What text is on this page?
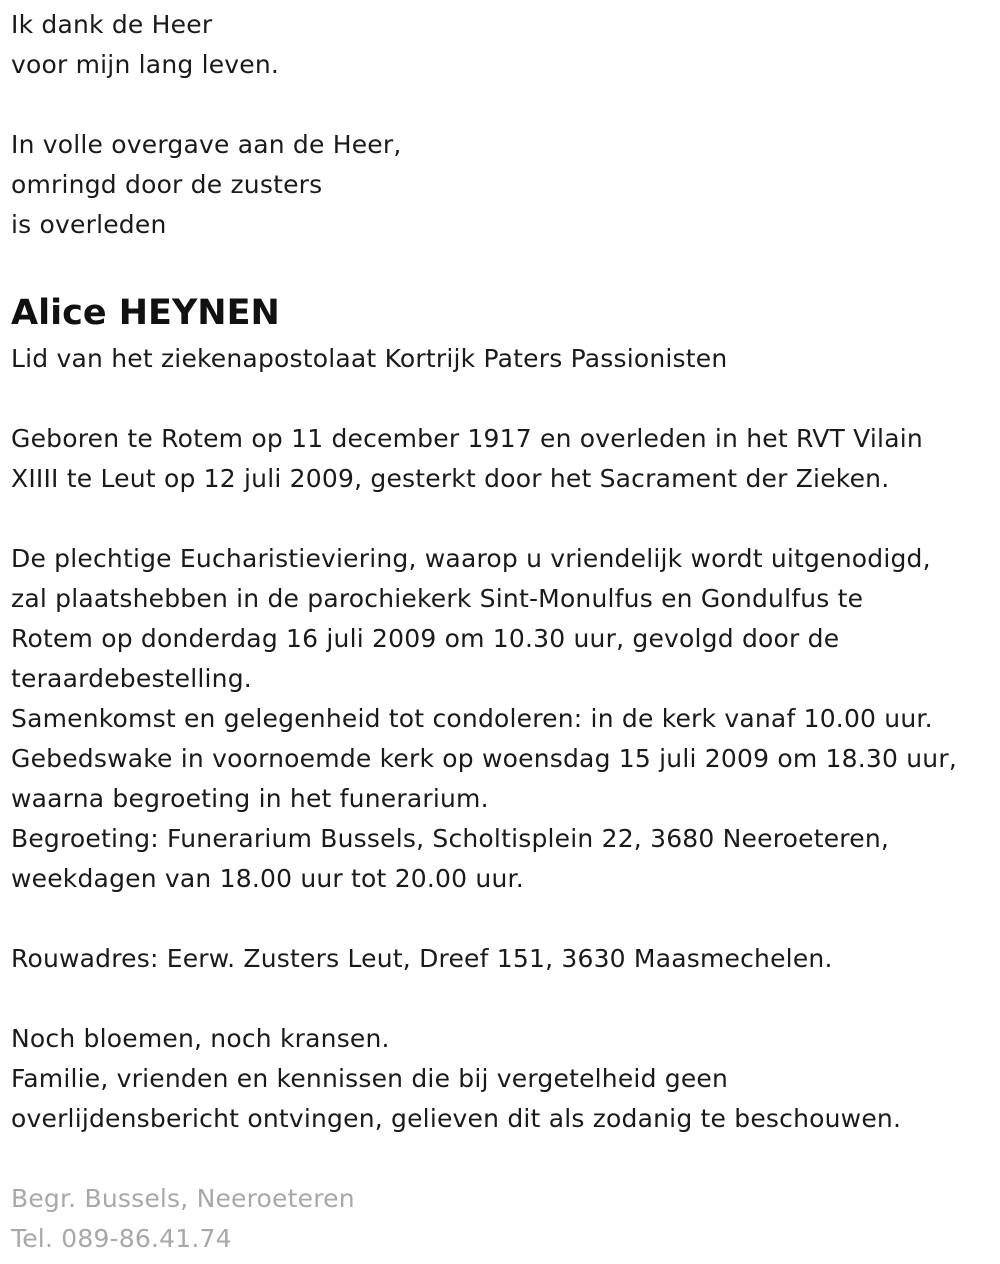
Ik dank de Heer
voor mijn lang leven.
In volle overgave aan de Heer,
omringd door de zusters
is overleden
Alice HEYNEN
Lid van het ziekenapostolaat Kortrijk Paters Passionisten
Geboren te Rotem op 11 december 1917 en overleden in het RVT Vilain
XIIII te Leut op 12 juli 2009, gesterkt door het Sacrament der Zieken.
De plechtige Eucharistieviering, waarop u vriendelijk wordt uitgenodigd,
zal plaatshebben in de parochiekerk Sint-Monulfus en Gondulfus te
Rotem op donderdag 16 juli 2009 om 10.30 uur, gevolgd door de
teraardebestelling.
Samenkomst en gelegenheid tot condoleren: in de kerk vanaf 10.00 uur.
Gebedswake in voornoemde kerk op woensdag 15 juli 2009 om 18.30 uur,
waarna begroeting in het funerarium.
Begroeting: Funerarium Bussels, Scholtisplein 22, 3680 Neeroeteren,
weekdagen van 18.00 uur tot 20.00 uur.
Rouwadres: Eerw. Zusters Leut, Dreef 151, 3630 Maasmechelen.
Noch bloemen, noch kransen.
Familie, vrienden en kennissen die bij vergetelheid geen
overlijdensbericht ontvingen, gelieven dit als zodanig te beschouwen.
Begr. Bussels, Neeroeteren
Tel. 089-86.41.74
